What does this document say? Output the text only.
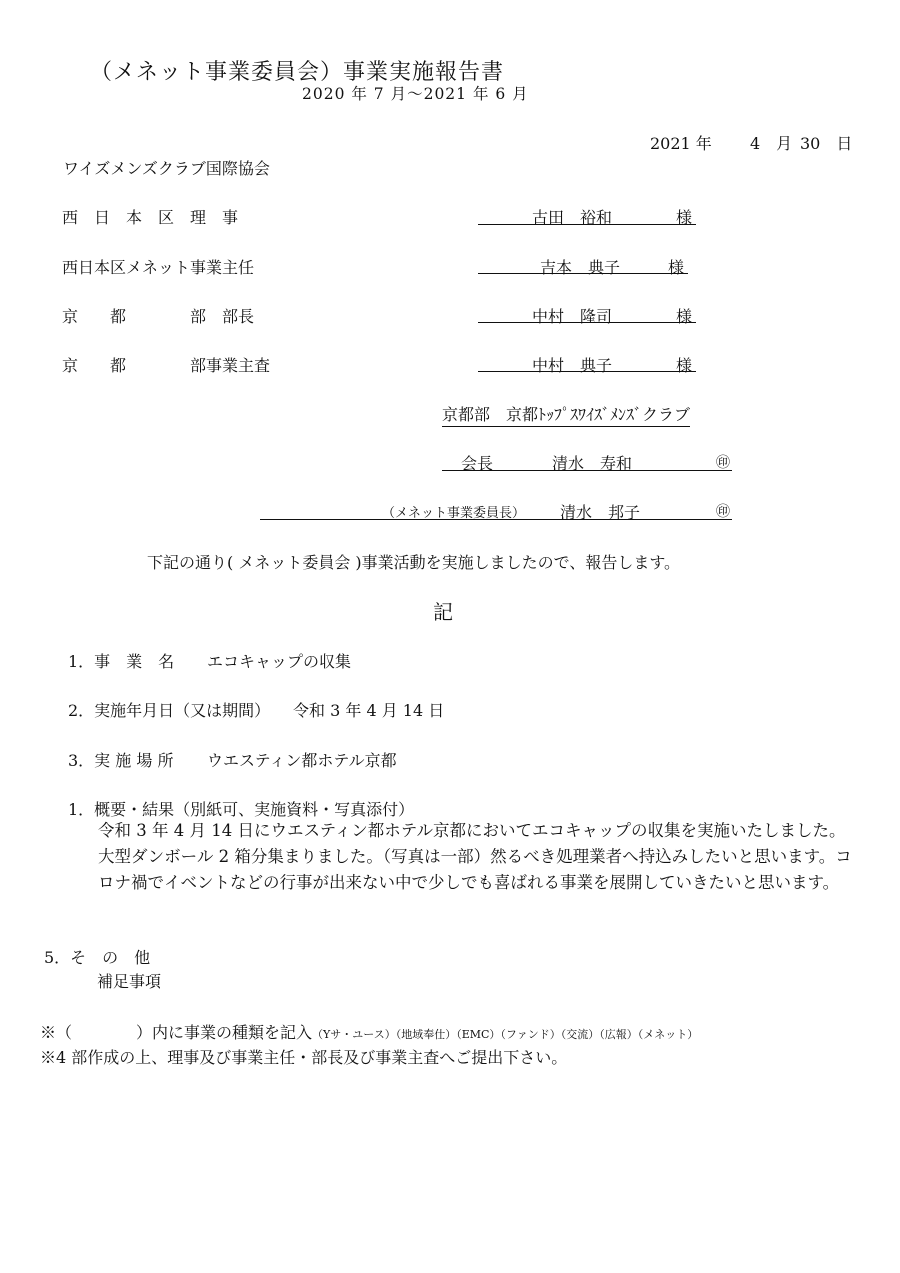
（メネット事業委員会）事業実施報告書
2020 年 7 月〜2021 年 6 月
2021 年 4　月 30　日
ワイズメンズクラブ国際協会
西　日　本　区　理　事	古田　裕和	様
西日本区メネット事業主任	吉本　典子	様
京　　都　　　　部　部長	中村　隆司	様
京　　都　　　　部事業主査	中村　典子	様
京都部　京都ﾄｯﾌﾟｽﾜｲｽﾞﾒﾝｽﾞクラブ
会長	清水　寿和	㊞
（メネット事業委員長） 清水　邦子	㊞
下記の通り( メネット委員会 )事業活動を実施しましたので、報告します。
記
1．事　業　名 エコキャップの収集
2．実施年月日（又は期間） 令和 3 年 4 月 14 日
3．実 施 場 所 ウエスティン都ホテル京都
1．概要・結果（別紙可、実施資料・写真添付）
令和 3 年 4 月 14 日にウエスティン都ホテル京都においてエコキャップの収集を実施いたしました。大型ダンボール 2 箱分集まりました。（写真は一部）然るべき処理業者へ持込みしたいと思います。コロナ禍でイベントなどの行事が出来ない中で少しでも喜ばれる事業を展開していきたいと思います。
5．そ　の　他
補足事項
※（　　　　）内に事業の種類を記入（Yサ・ユース）（地域奉仕）（EMC）（ファンド）（交流）（広報）（メネット）
※4 部作成の上、理事及び事業主任・部長及び事業主査へご提出下さい。
